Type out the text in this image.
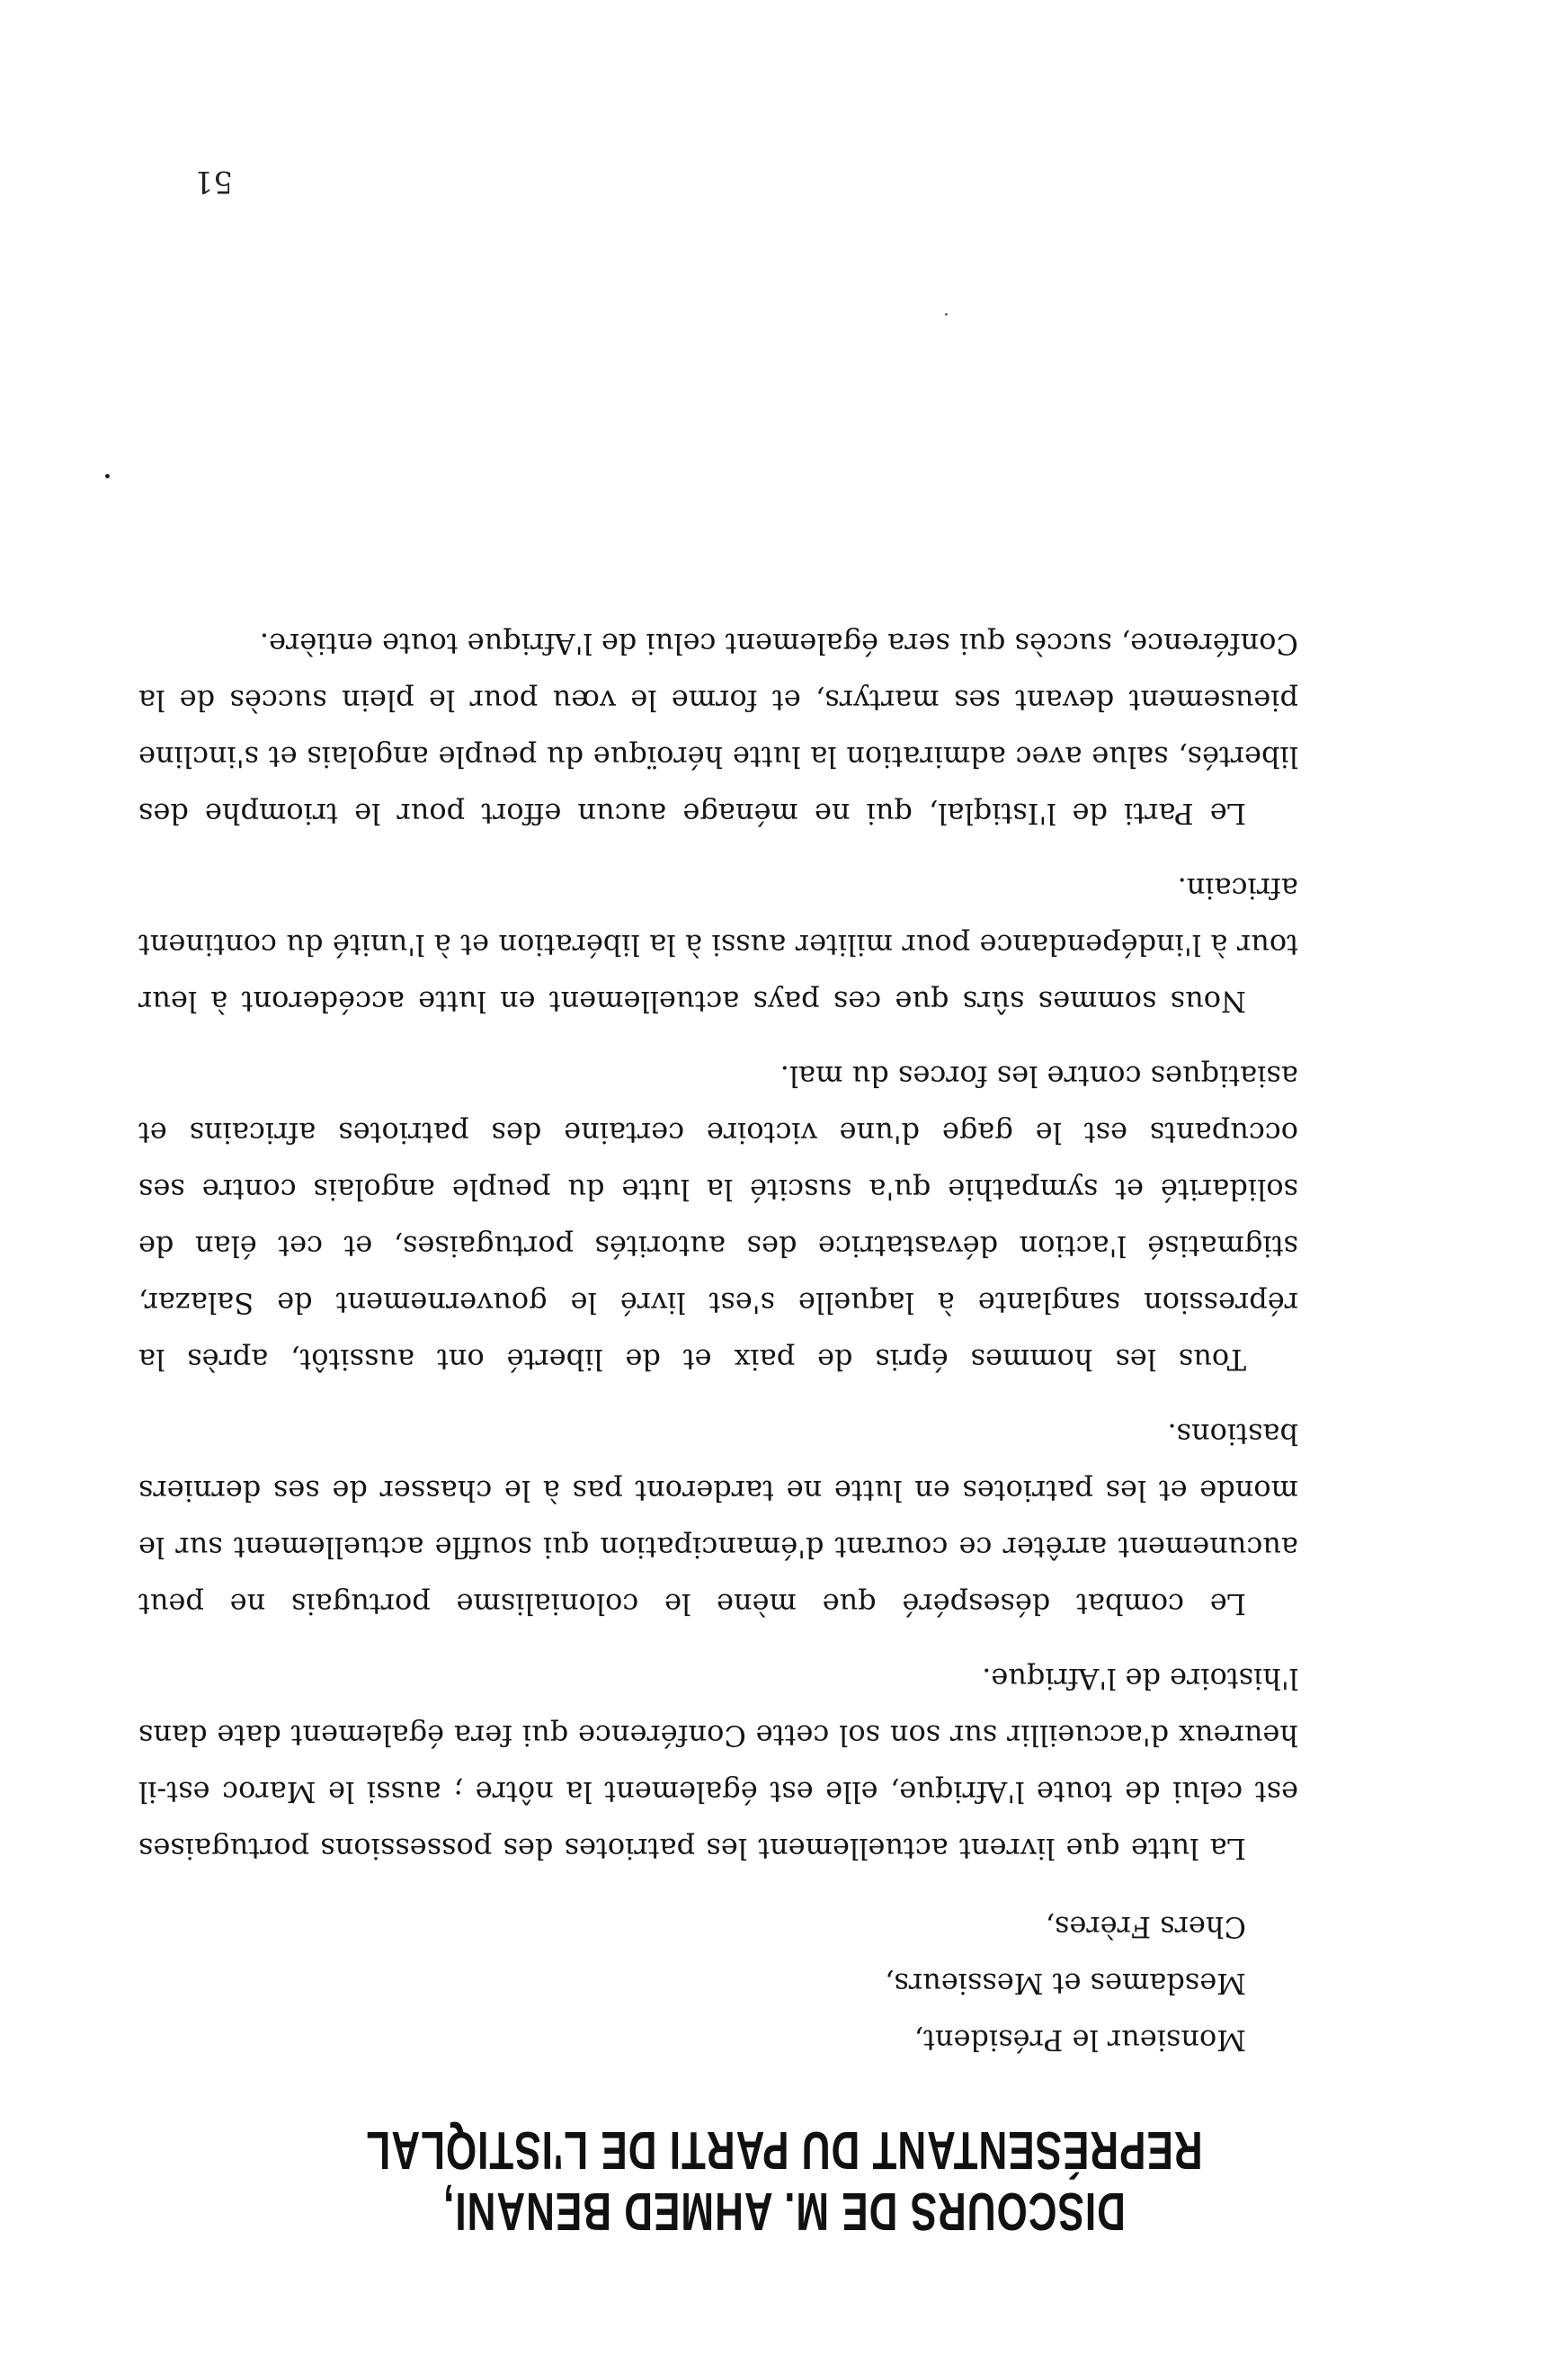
DISCOURS DE M. AHMED BENANI,
REPRÉSENTANT DU PARTI DE L'ISTIQLAL
Monsieur le Président,
Mesdames et Messieurs,
Chers Frères,

La lutte que livrent actuellement les patriotes des possessions portugaises est celui de toute l'Afrique, elle est également la nôtre ; aussi le Maroc est-il heureux d'accueillir sur son sol cette Conférence qui fera également date dans l'histoire de l'Afrique.

Le combat désespéré que mène le colonialisme portugais ne peut aucunement arrêter ce courant d'émancipation qui souffle actuellement sur le monde et les patriotes en lutte ne tarderont pas à le chasser de ses derniers bastions.

Tous les hommes épris de paix et de liberté ont aussitôt, après la répression sanglante à laquelle s'est livré le gouvernement de Salazar, stigmatisé l'action dévastatrice des autorités portugaises, et cet élan de solidarité et sympathie qu'a suscité la lutte du peuple angolais contre ses occupants est le gage d'une victoire certaine des patriotes africains et asiatiques contre les forces du mal.

Nous sommes sûrs que ces pays actuellement en lutte accéderont à leur tour à l'indépendance pour militer aussi à la libération et à l'unité du continent africain.

Le Parti de l'Istiqlal, qui ne ménage aucun effort pour le triomphe des libertés, salue avec admiration la lutte héroïque du peuple angolais et s'incline pieusement devant ses martyrs, et forme le vœu pour le plein succès de la Conférence, succès qui sera également celui de l'Afrique toute entière.

51
